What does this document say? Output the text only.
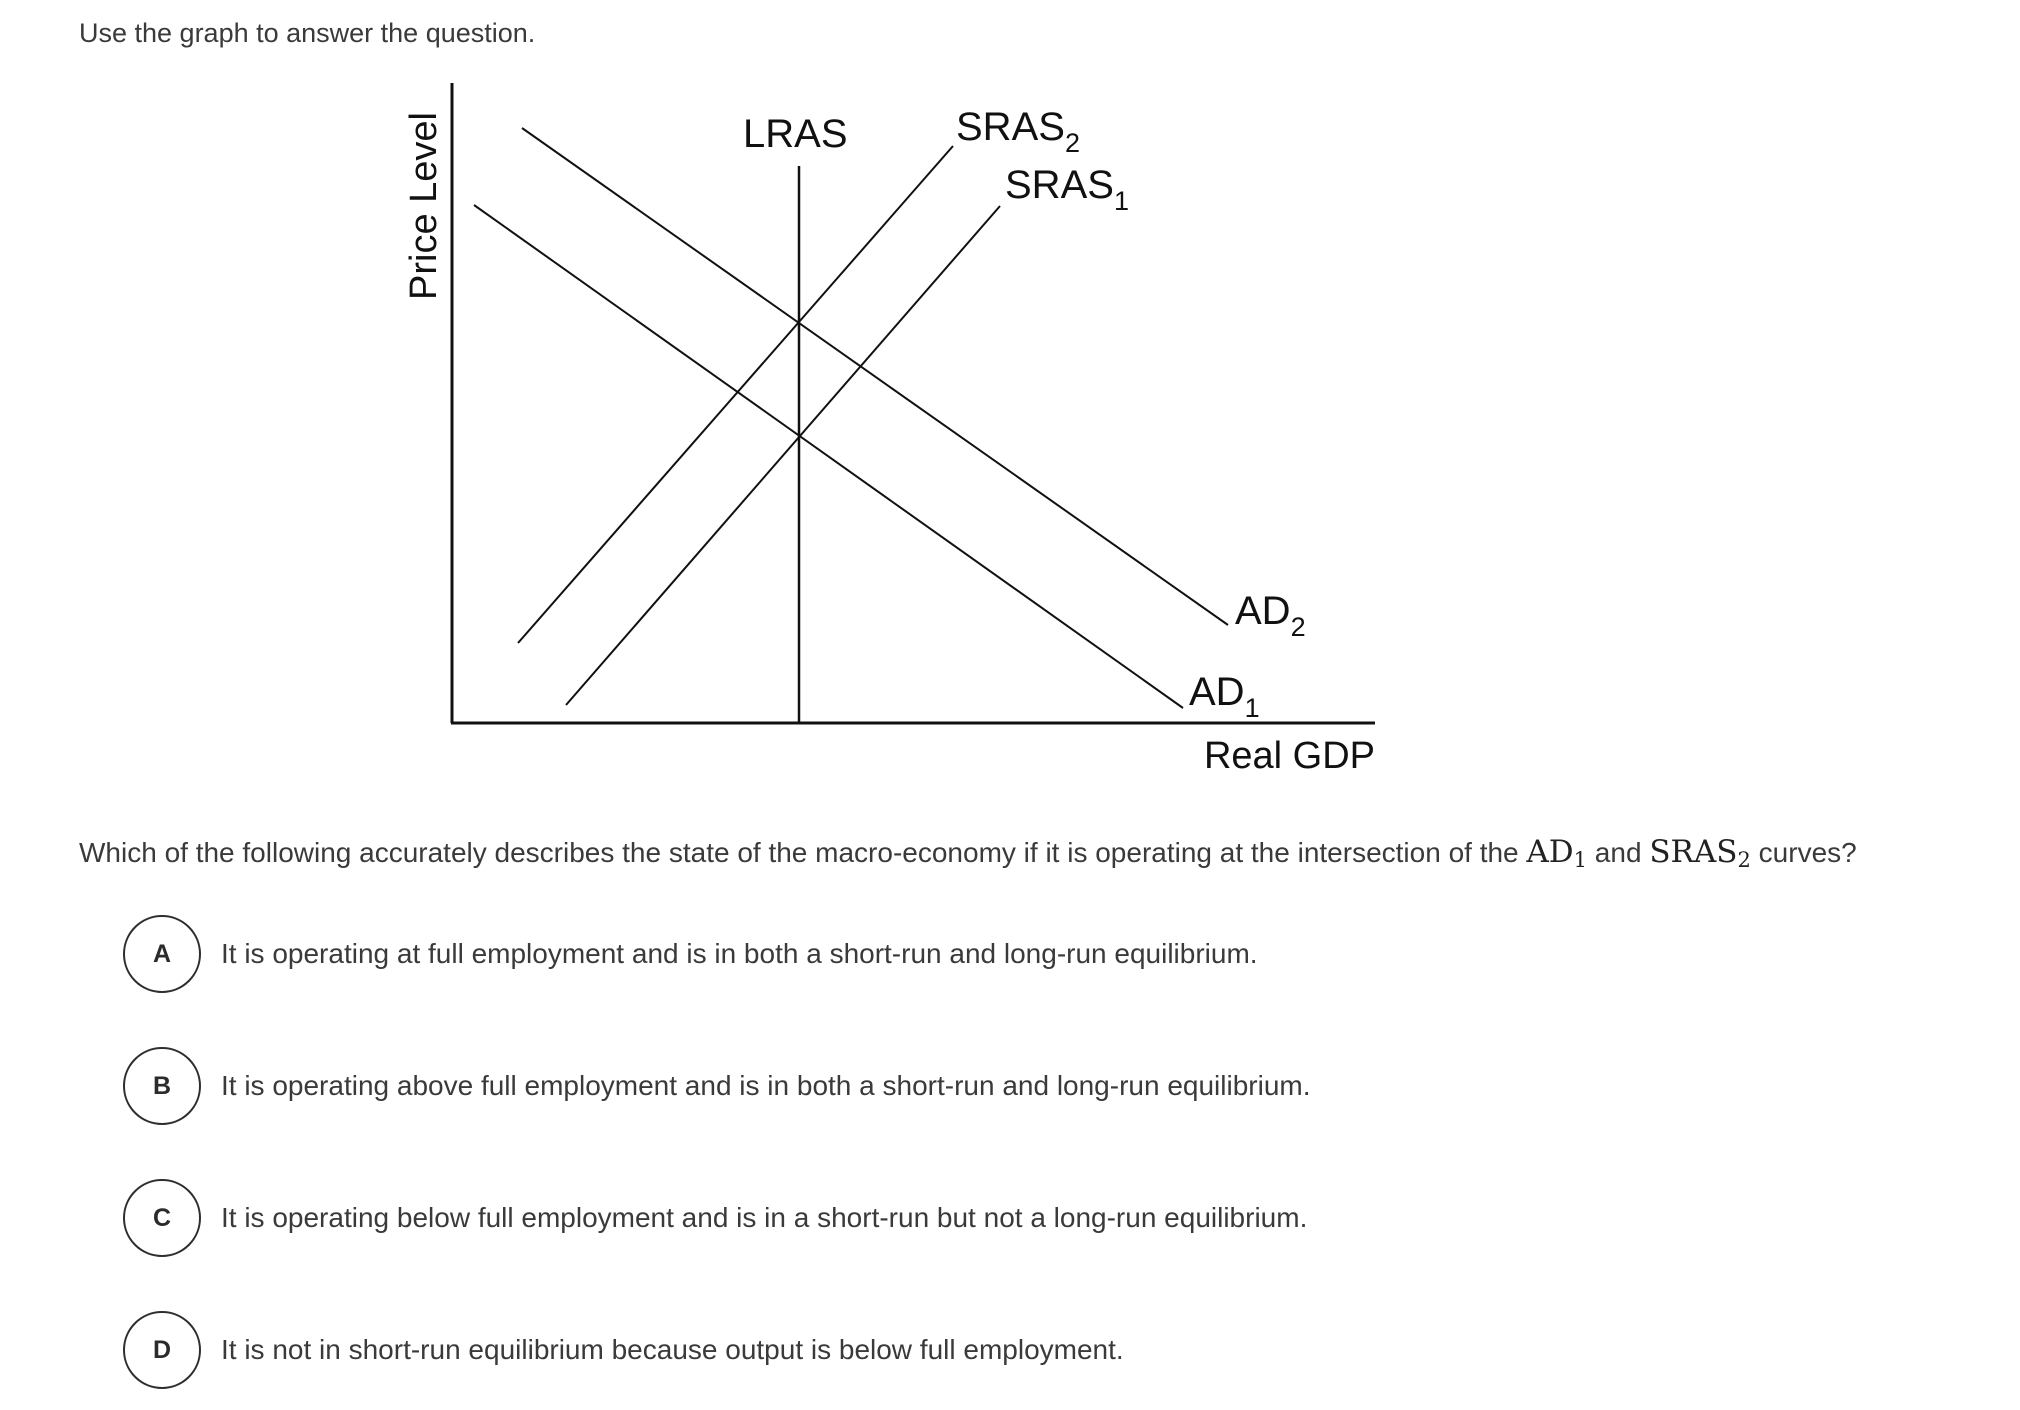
Use the graph to answer the question.

Price Level
Real GDP
LRAS	$SRAS_2$
$SRAS_1$
$AD_2$
$AD_1$

Which of the following accurately describes the state of the macro-economy if it is operating at the intersection of the $AD_1$ and $SRAS_2$ curves?

A	It is operating at full employment and is in both a short-run and long-run equilibrium.
B	It is operating above full employment and is in both a short-run and long-run equilibrium.
C	It is operating below full employment and is in a short-run but not a long-run equilibrium.
D	It is not in short-run equilibrium because output is below full employment.
